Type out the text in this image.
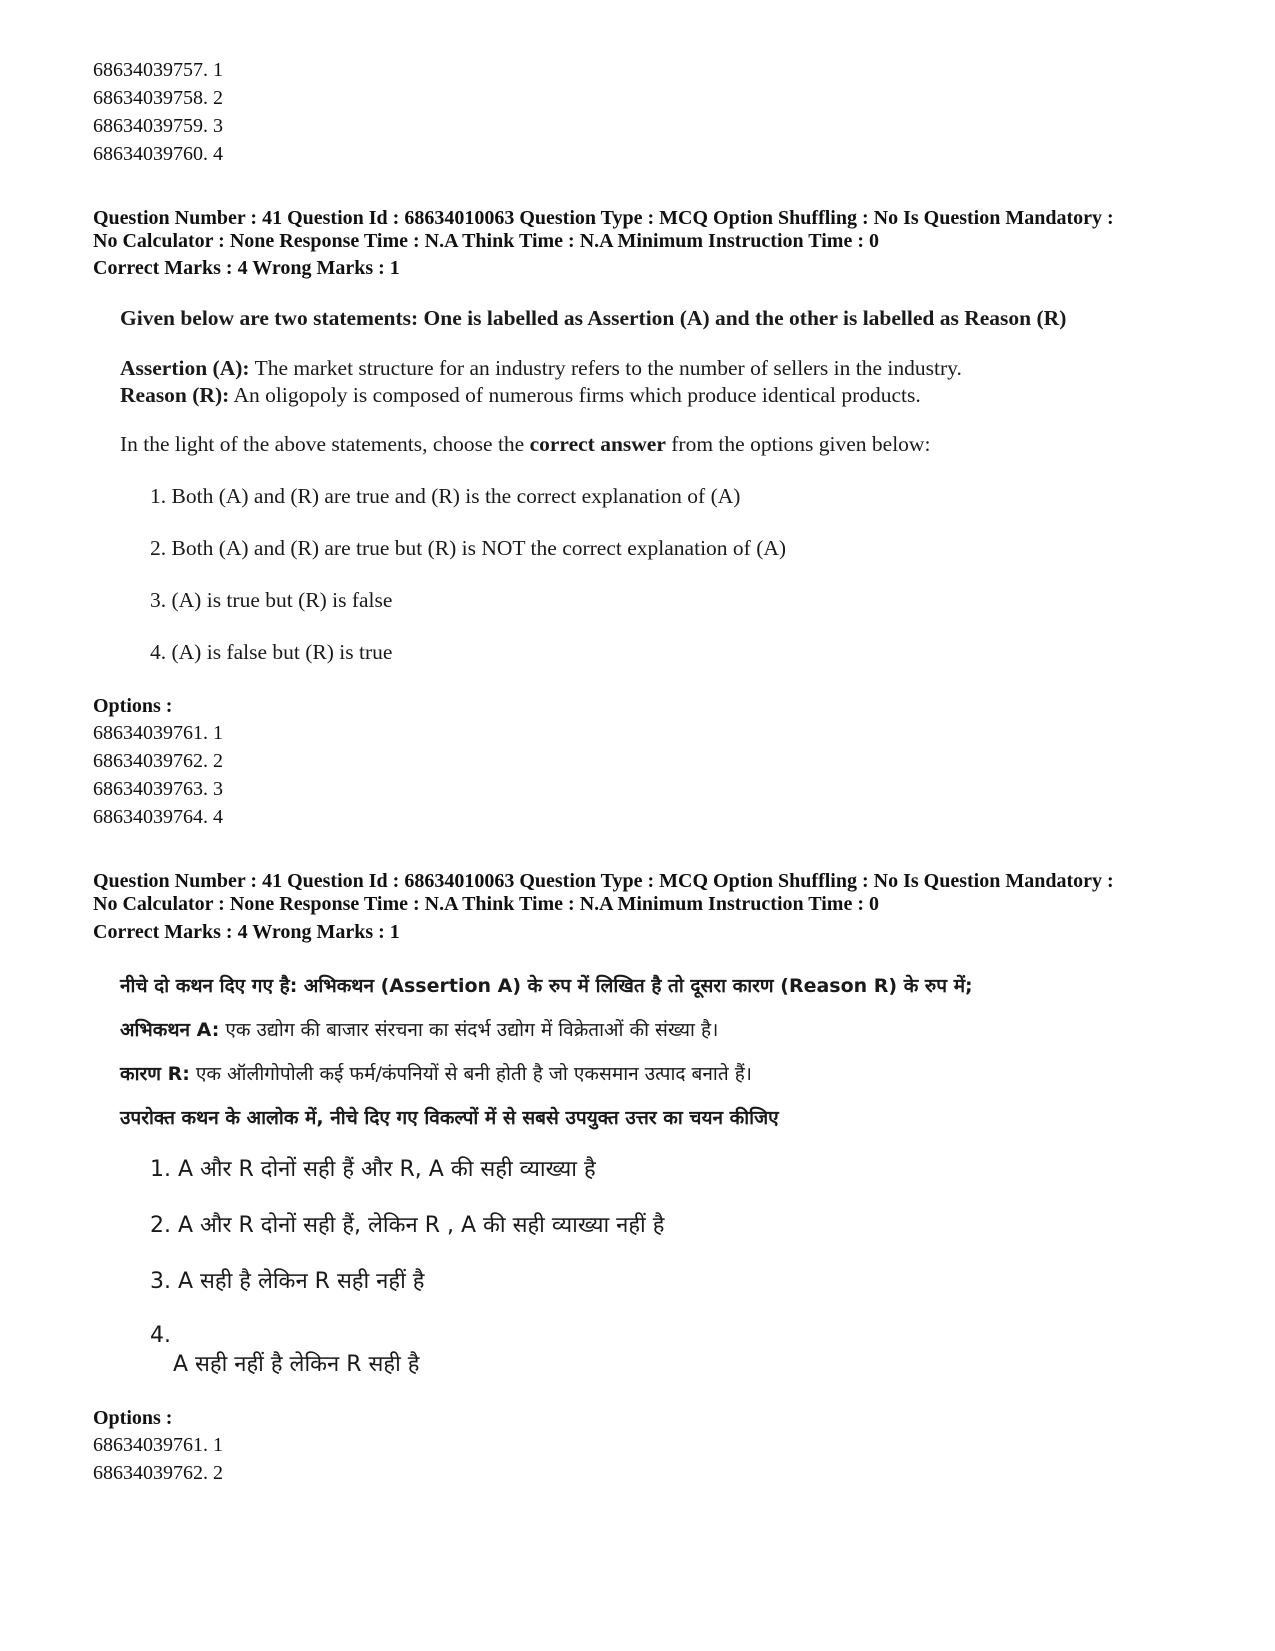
68634039757. 1
68634039758. 2
68634039759. 3
68634039760. 4
Question Number : 41 Question Id : 68634010063 Question Type : MCQ Option Shuffling : No Is Question Mandatory :
No Calculator : None Response Time : N.A Think Time : N.A Minimum Instruction Time : 0
Correct Marks : 4 Wrong Marks : 1
Given below are two statements: One is labelled as Assertion (A) and the other is labelled as Reason (R)
Assertion (A): The market structure for an industry refers to the number of sellers in the industry.
Reason (R): An oligopoly is composed of numerous firms which produce identical products.
In the light of the above statements, choose the correct answer from the options given below:
1. Both (A) and (R) are true and (R) is the correct explanation of (A)
2. Both (A) and (R) are true but (R) is NOT the correct explanation of (A)
3. (A) is true but (R) is false
4. (A) is false but (R) is true
Options :
68634039761. 1
68634039762. 2
68634039763. 3
68634039764. 4
Question Number : 41 Question Id : 68634010063 Question Type : MCQ Option Shuffling : No Is Question Mandatory :
No Calculator : None Response Time : N.A Think Time : N.A Minimum Instruction Time : 0
Correct Marks : 4 Wrong Marks : 1
नीचे दो कथन दिए गए है: अभिकथन (Assertion A) के रुप में लिखित है तो दूसरा कारण (Reason R) के रुप में;
अभिकथन A: एक उद्योग की बाजार संरचना का संदर्भ उद्योग में विक्रेताओं की संख्या है।
कारण R: एक ऑलीगोपोली कई फर्म/कंपनियों से बनी होती है जो एकसमान उत्पाद बनाते हैं।
उपरोक्त कथन के आलोक में, नीचे दिए गए विकल्पों में से सबसे उपयुक्त उत्तर का चयन कीजिए
1. A और R दोनों सही हैं और R, A की सही व्याख्या है
2. A और R दोनों सही हैं, लेकिन R , A की सही व्याख्या नहीं है
3. A सही है लेकिन R सही नहीं है
4.
A सही नहीं है लेकिन R सही है
Options :
68634039761. 1
68634039762. 2
